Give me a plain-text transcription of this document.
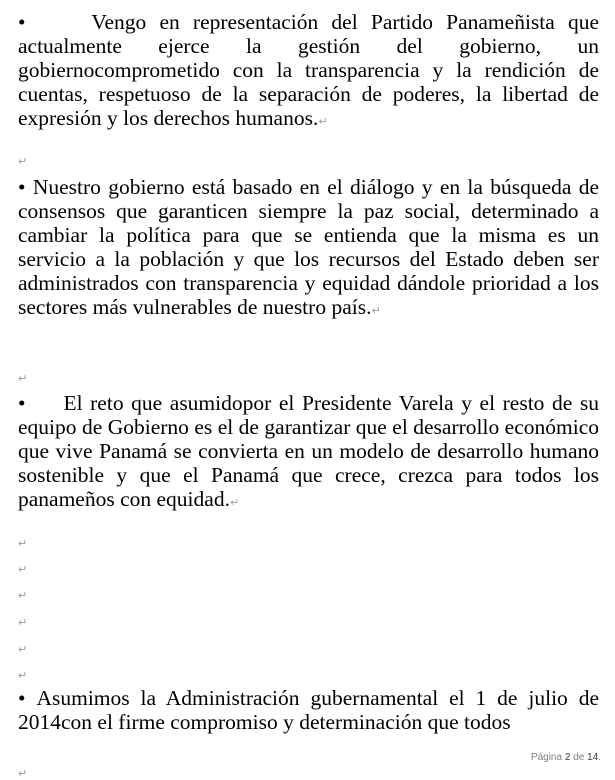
•	Vengo en representación del Partido Panameñista que actualmente ejerce la gestión del gobierno, un gobiernocomprometido con la transparencia y la rendición de cuentas, respetuoso de la separación de poderes, la libertad de expresión y los derechos humanos.↵

↵

• Nuestro gobierno está basado en el diálogo y en la búsqueda de consensos que garanticen siempre la paz social, determinado a cambiar la política para que se entienda que la misma es un servicio a la población y que los recursos del Estado deben ser administrados con transparencia y equidad dándole prioridad a los sectores más vulnerables de nuestro país.↵

↵

• El reto que asumidopor el Presidente Varela y el resto de su equipo de Gobierno es el de garantizar que el desarrollo económico que vive Panamá se convierta en un modelo de desarrollo humano sostenible y que el Panamá que crece, crezca para todos los panameños con equidad.↵

↵
↵
↵
↵
↵
↵

• Asumimos la Administración gubernamental el 1 de julio de 2014con el firme compromiso y determinación que todos

Página 2 de 14.
↵
